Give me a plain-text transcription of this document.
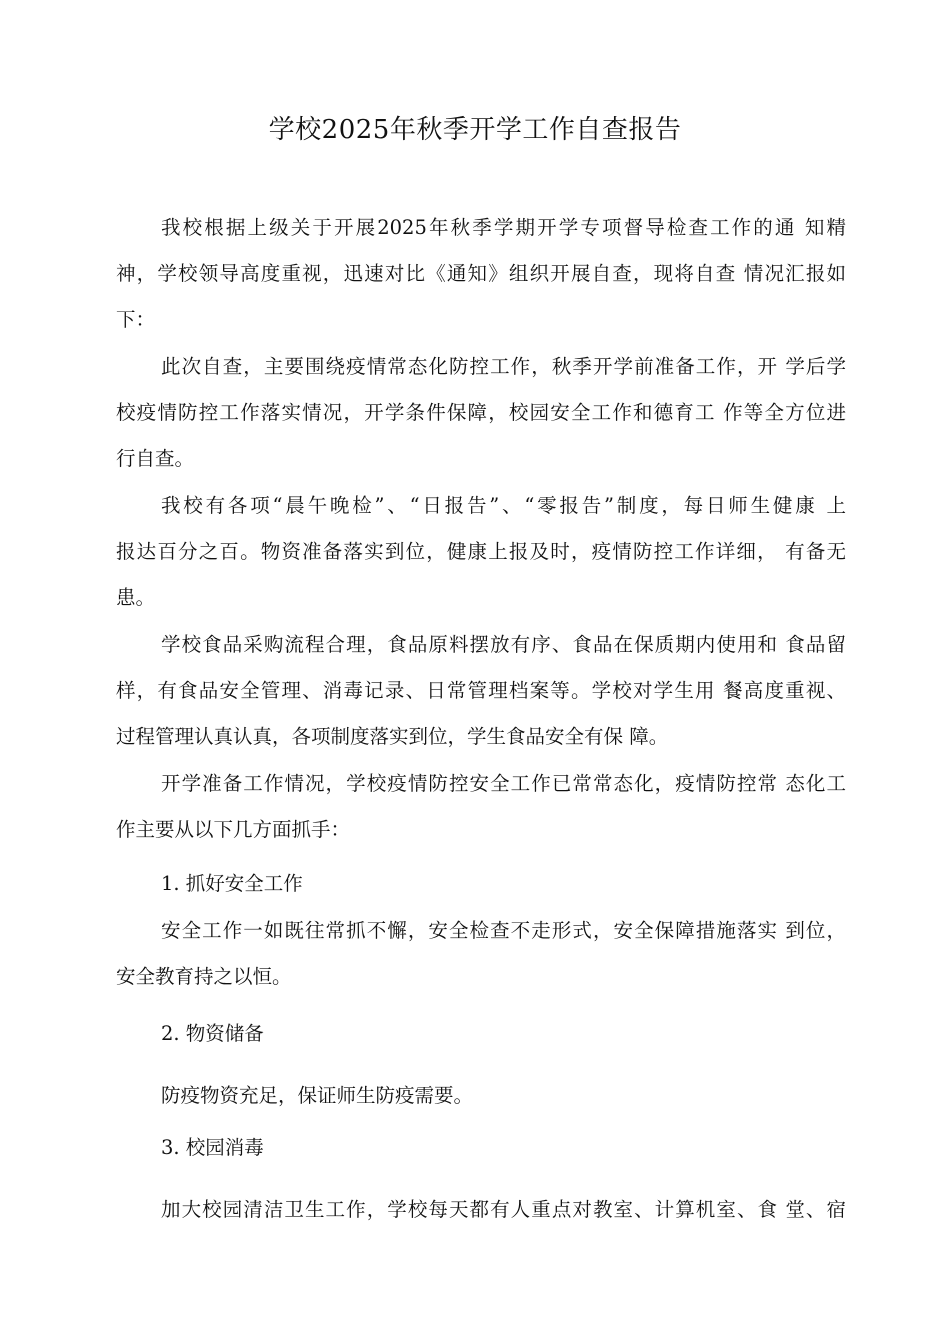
学校2025年秋季开学工作自查报告
我校根据上级关于开展2025年秋季学期开学专项督导检查工作的通 知精
神，学校领导高度重视，迅速对比《通知》组织开展自查，现将自查 情况汇报如
下：
此次自查，主要围绕疫情常态化防控工作，秋季开学前准备工作，开 学后学
校疫情防控工作落实情况，开学条件保障，校园安全工作和德育工 作等全方位进
行自查。
我校有各项“晨午晚检”、“日报告”、“零报告”制度，每日师生健康 上
报达百分之百。物资准备落实到位，健康上报及时，疫情防控工作详细， 有备无
患。
学校食品采购流程合理，食品原料摆放有序、食品在保质期内使用和 食品留
样，有食品安全管理、消毒记录、日常管理档案等。学校对学生用 餐高度重视、
过程管理认真认真，各项制度落实到位，学生食品安全有保 障。
开学准备工作情况，学校疫情防控安全工作已常常态化，疫情防控常 态化工
作主要从以下几方面抓手：
1. 抓好安全工作
安全工作一如既往常抓不懈，安全检查不走形式，安全保障措施落实 到位，
安全教育持之以恒。
2. 物资储备
防疫物资充足，保证师生防疫需要。
3. 校园消毒
加大校园清洁卫生工作，学校每天都有人重点对教室、计算机室、食 堂、宿
